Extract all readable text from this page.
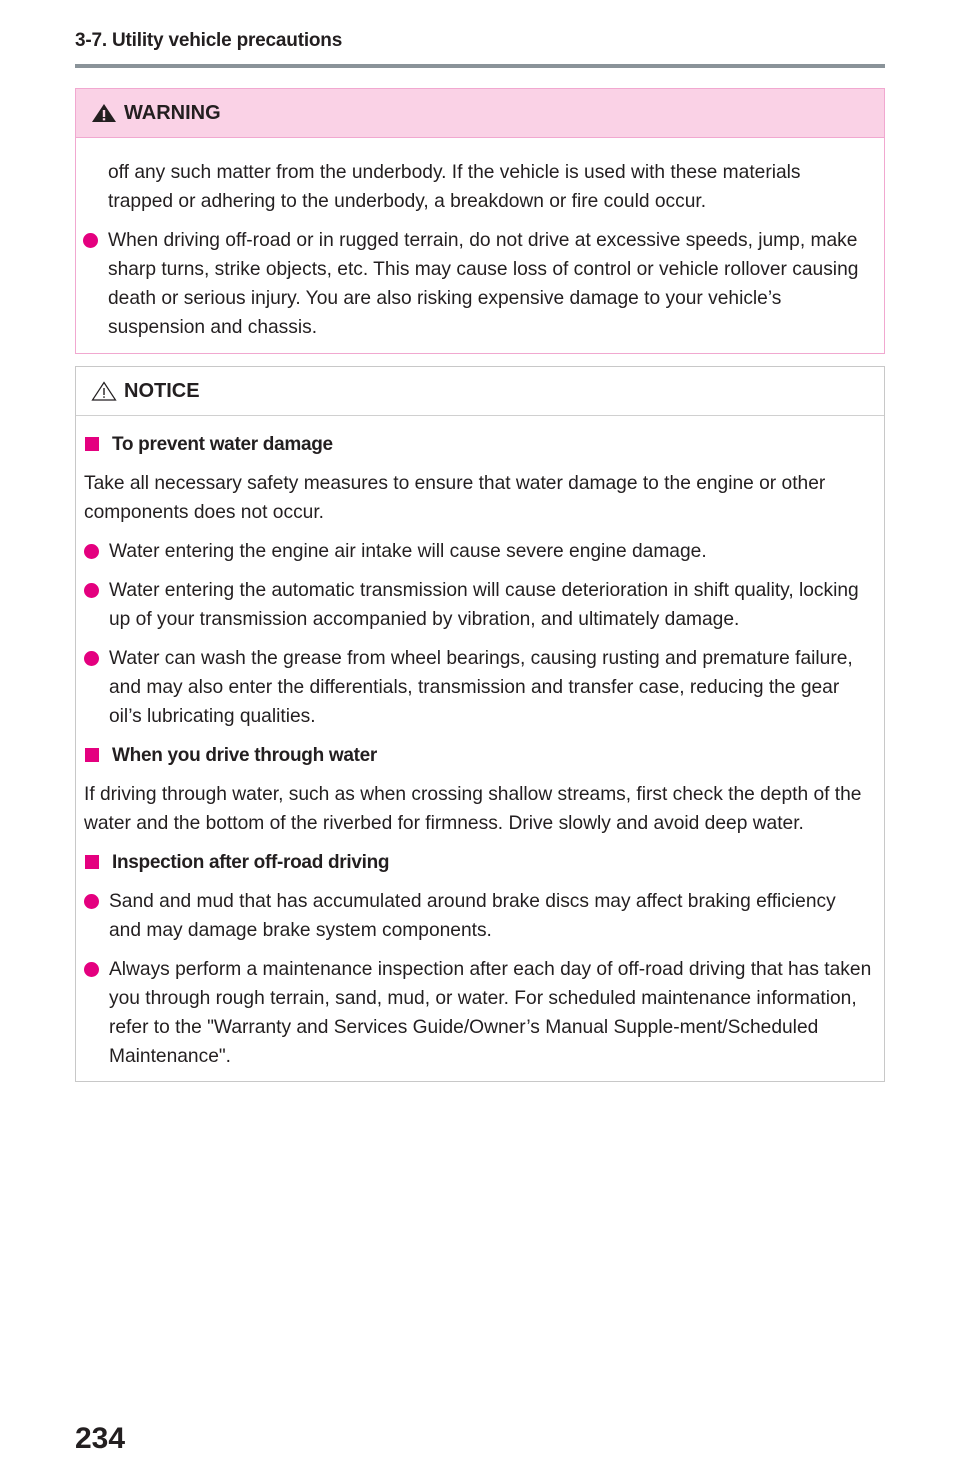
3-7. Utility vehicle precautions
WARNING

off any such matter from the underbody. If the vehicle is used with these materials trapped or adhering to the underbody, a breakdown or fire could occur.

When driving off-road or in rugged terrain, do not drive at excessive speeds, jump, make sharp turns, strike objects, etc. This may cause loss of control or vehicle rollover causing death or serious injury. You are also risking expensive damage to your vehicle’s suspension and chassis.
NOTICE
To prevent water damage

Take all necessary safety measures to ensure that water damage to the engine or other components does not occur.

Water entering the engine air intake will cause severe engine damage.
Water entering the automatic transmission will cause deterioration in shift quality, locking up of your transmission accompanied by vibration, and ultimately damage.
Water can wash the grease from wheel bearings, causing rusting and premature failure, and may also enter the differentials, transmission and transfer case, reducing the gear oil’s lubricating qualities.
When you drive through water

If driving through water, such as when crossing shallow streams, first check the depth of the water and the bottom of the riverbed for firmness. Drive slowly and avoid deep water.

Inspection after off-road driving
Sand and mud that has accumulated around brake discs may affect braking efficiency and may damage brake system components.
Always perform a maintenance inspection after each day of off-road driving that has taken you through rough terrain, sand, mud, or water. For scheduled maintenance information, refer to the "Warranty and Services Guide/Owner’s Manual Supple-ment/Scheduled Maintenance".
234
